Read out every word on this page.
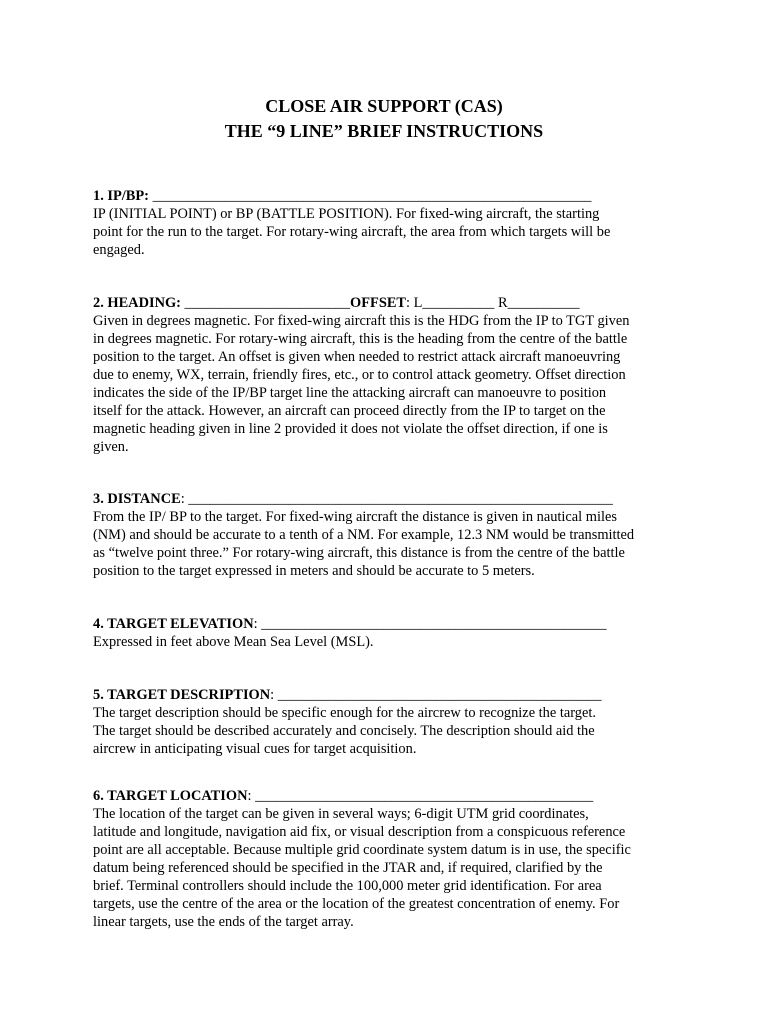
CLOSE AIR SUPPORT (CAS)
THE “9 LINE” BRIEF INSTRUCTIONS
1. IP/BP: _____________________________________________________________
IP (INITIAL POINT) or BP (BATTLE POSITION). For fixed-wing aircraft, the starting
point for the run to the target. For rotary-wing aircraft, the area from which targets will be
engaged.
2. HEADING: _______________________OFFSET: L__________ R__________
Given in degrees magnetic. For fixed-wing aircraft this is the HDG from the IP to TGT given
in degrees magnetic. For rotary-wing aircraft, this is the heading from the centre of the battle
position to the target. An offset is given when needed to restrict attack aircraft manoeuvring
due to enemy, WX, terrain, friendly fires, etc., or to control attack geometry. Offset direction
indicates the side of the IP/BP target line the attacking aircraft can manoeuvre to position
itself for the attack. However, an aircraft can proceed directly from the IP to target on the
magnetic heading given in line 2 provided it does not violate the offset direction, if one is
given.
3. DISTANCE: ___________________________________________________________
From the IP/ BP to the target. For fixed-wing aircraft the distance is given in nautical miles
(NM) and should be accurate to a tenth of a NM. For example, 12.3 NM would be transmitted
as “twelve point three.” For rotary-wing aircraft, this distance is from the centre of the battle
position to the target expressed in meters and should be accurate to 5 meters.
4. TARGET ELEVATION: ________________________________________________
Expressed in feet above Mean Sea Level (MSL).
5. TARGET DESCRIPTION: _____________________________________________
The target description should be specific enough for the aircrew to recognize the target.
The target should be described accurately and concisely. The description should aid the
aircrew in anticipating visual cues for target acquisition.
6. TARGET LOCATION: _______________________________________________
The location of the target can be given in several ways; 6-digit UTM grid coordinates,
latitude and longitude, navigation aid fix, or visual description from a conspicuous reference
point are all acceptable. Because multiple grid coordinate system datum is in use, the specific
datum being referenced should be specified in the JTAR and, if required, clarified by the
brief. Terminal controllers should include the 100,000 meter grid identification. For area
targets, use the centre of the area or the location of the greatest concentration of enemy. For
linear targets, use the ends of the target array.
